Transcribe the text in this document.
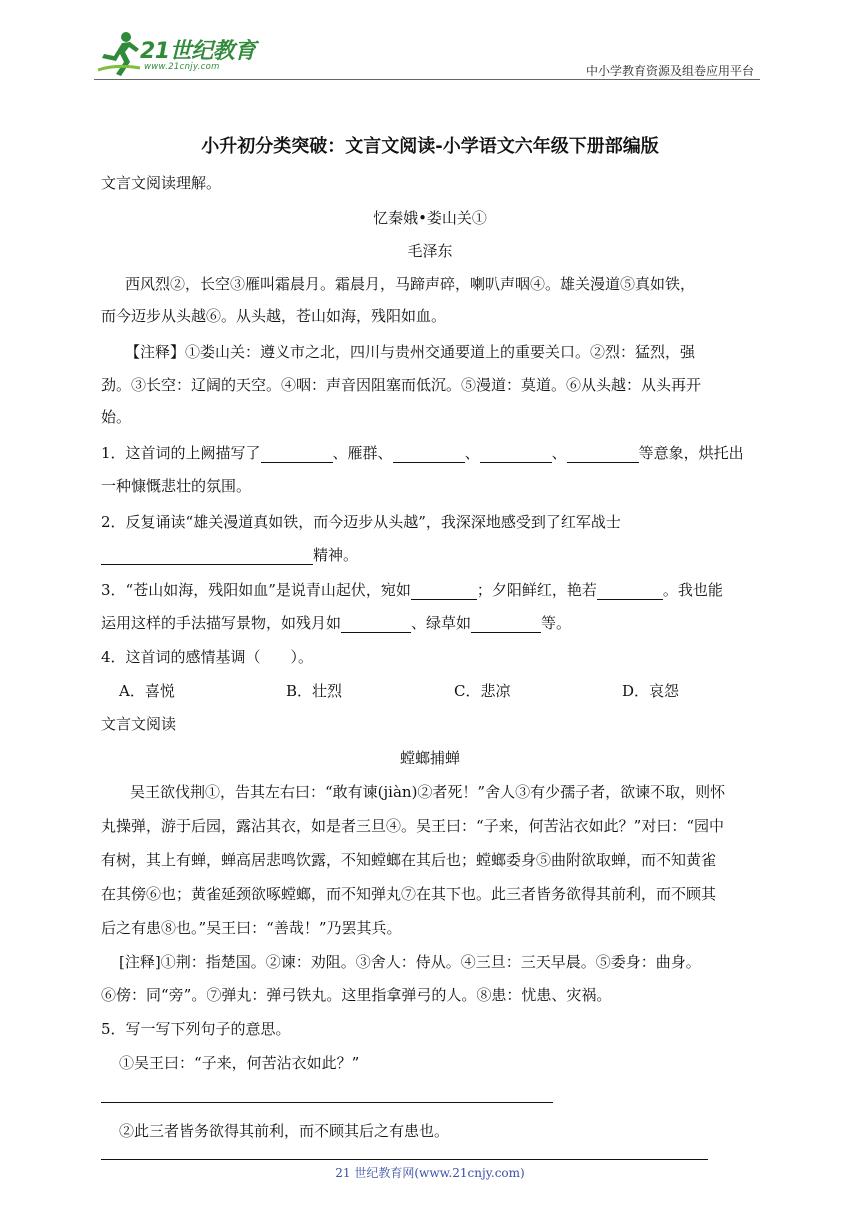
21世纪教育
www.21cnjy.com	中小学教育资源及组卷应用平台
小升初分类突破：文言文阅读-小学语文六年级下册部编版
文言文阅读理解。
忆秦娥•娄山关①
毛泽东
西风烈②，长空③雁叫霜晨月。霜晨月，马蹄声碎，喇叭声咽④。雄关漫道⑤真如铁，
而今迈步从头越⑥。从头越，苍山如海，残阳如血。
【注释】①娄山关：遵义市之北，四川与贵州交通要道上的重要关口。②烈：猛烈，强
劲。③长空：辽阔的天空。④咽：声音因阻塞而低沉。⑤漫道：莫道。⑥从头越：从头再开
始。
1．这首词的上阙描写了	、雁群、	、	、	等意象，烘托出
一种慷慨悲壮的氛围。
2．反复诵读“雄关漫道真如铁，而今迈步从头越”，我深深地感受到了红军战士
精神。
3．“苍山如海，残阳如血”是说青山起伏，宛如	；夕阳鲜红，艳若	。我也能
运用这样的手法描写景物，如残月如	、绿草如	等。
4．这首词的感情基调（　　）。
A．喜悦	B．壮烈	C．悲凉	D．哀怨
文言文阅读
螳螂捕蝉
吴王欲伐荆①，告其左右曰：“敢有谏(jiàn)②者死！”舍人③有少孺子者，欲谏不取，则怀
丸操弹，游于后园，露沾其衣，如是者三旦④。吴王曰：“子来，何苦沾衣如此？”对曰：“园中
有树，其上有蝉，蝉高居悲鸣饮露，不知螳螂在其后也；螳螂委身⑤曲附欲取蝉，而不知黄雀
在其傍⑥也；黄雀延颈欲啄螳螂，而不知弹丸⑦在其下也。此三者皆务欲得其前利，而不顾其
后之有患⑧也。”吴王曰：“善哉！”乃罢其兵。
[注释]①荆：指楚国。②谏：劝阻。③舍人：侍从。④三旦：三天早晨。⑤委身：曲身。
⑥傍：同“旁”。⑦弹丸：弹弓铁丸。这里指拿弹弓的人。⑧患：忧患、灾祸。
5．写一写下列句子的意思。
①吴王曰：“子来，何苦沾衣如此？”
②此三者皆务欲得其前利，而不顾其后之有患也。
21 世纪教育网(www.21cnjy.com)
